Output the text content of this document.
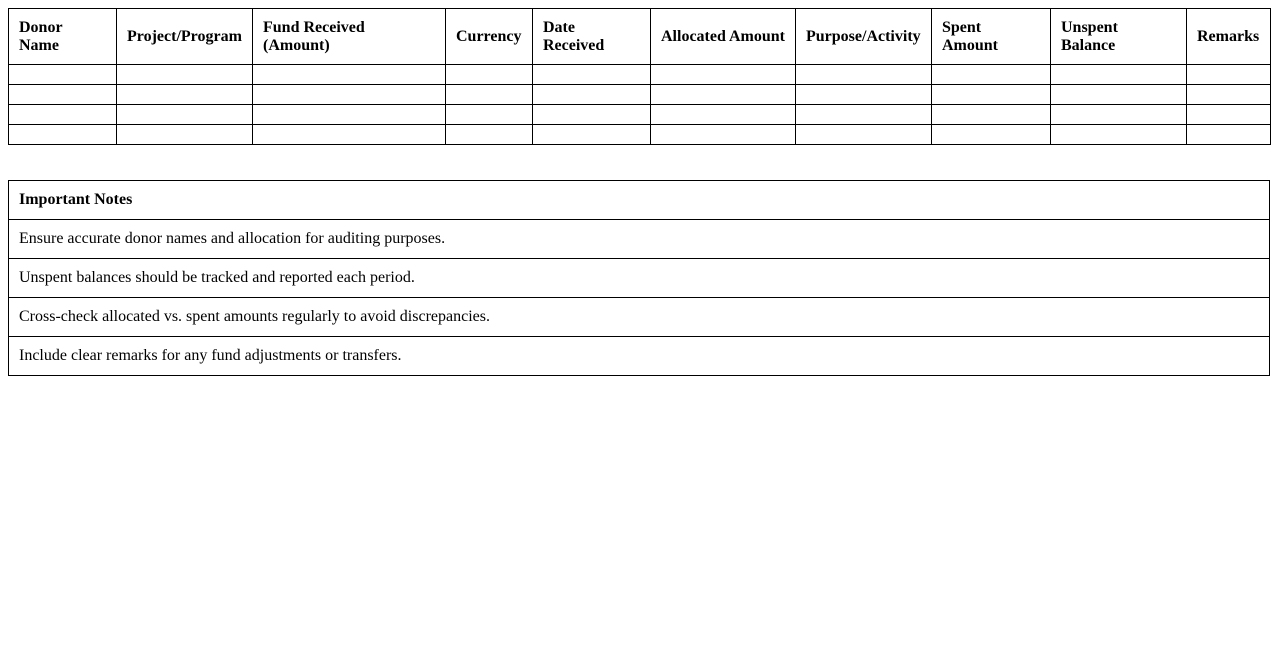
Donor Name	Project/Program	Fund Received (Amount)	Currency	Date Received	Allocated Amount	Purpose/Activity	Spent Amount	Unspent Balance	Remarks

Important Notes
Ensure accurate donor names and allocation for auditing purposes.
Unspent balances should be tracked and reported each period.
Cross-check allocated vs. spent amounts regularly to avoid discrepancies.
Include clear remarks for any fund adjustments or transfers.
